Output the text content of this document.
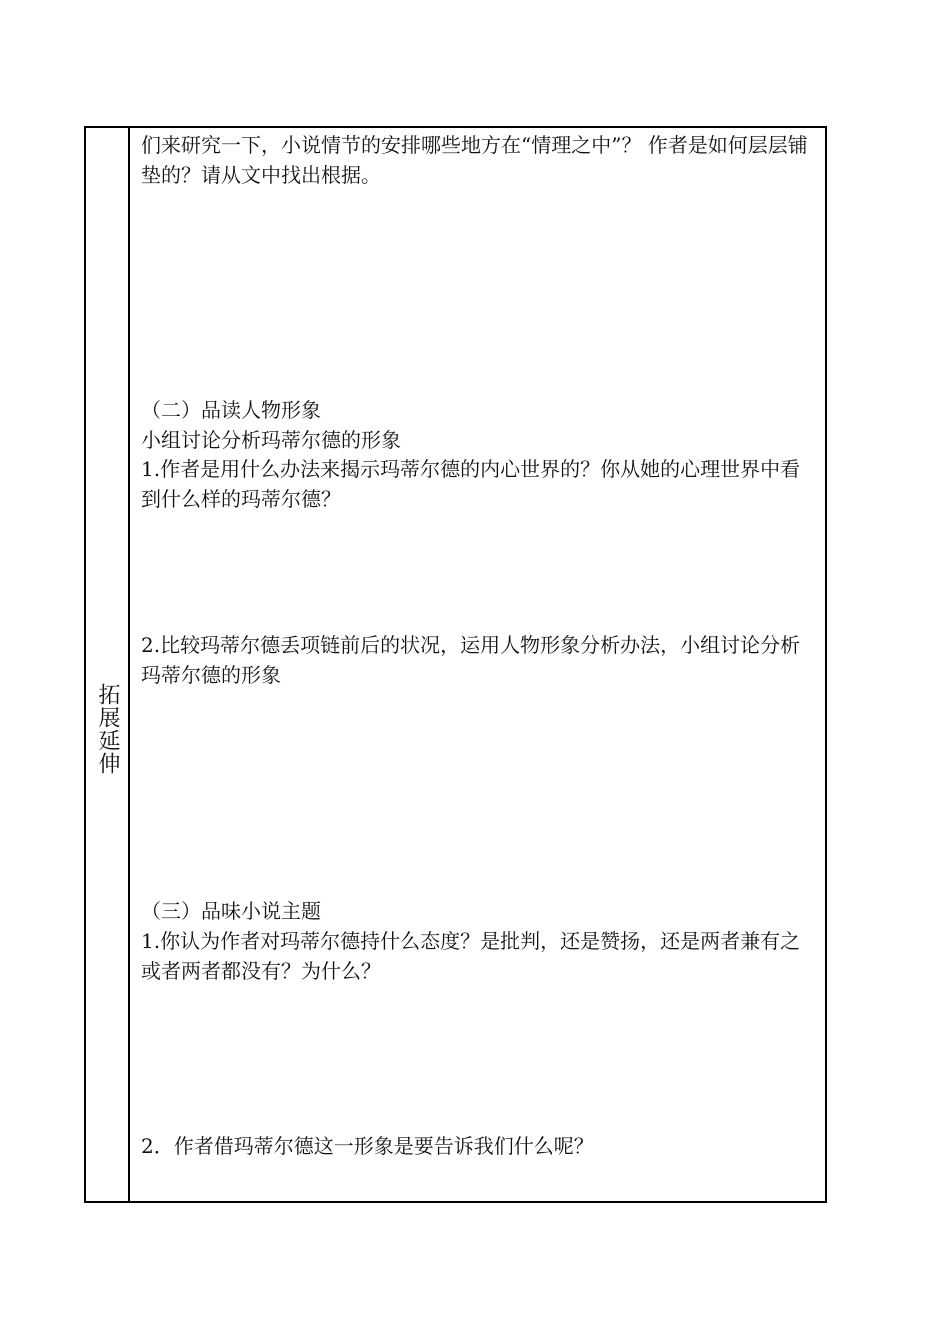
拓展延伸

们来研究一下，小说情节的安排哪些地方在“情理之中”？ 作者是如何层层铺垫的？请从文中找出根据。

（二）品读人物形象

小组讨论分析玛蒂尔德的形象

1.作者是用什么办法来揭示玛蒂尔德的内心世界的？你从她的心理世界中看到什么样的玛蒂尔德？

2.比较玛蒂尔德丢项链前后的状况，运用人物形象分析办法，小组讨论分析玛蒂尔德的形象

（三）品味小说主题

1.你认为作者对玛蒂尔德持什么态度？是批判，还是赞扬，还是两者兼有之或者两者都没有？为什么？

2．作者借玛蒂尔德这一形象是要告诉我们什么呢？
